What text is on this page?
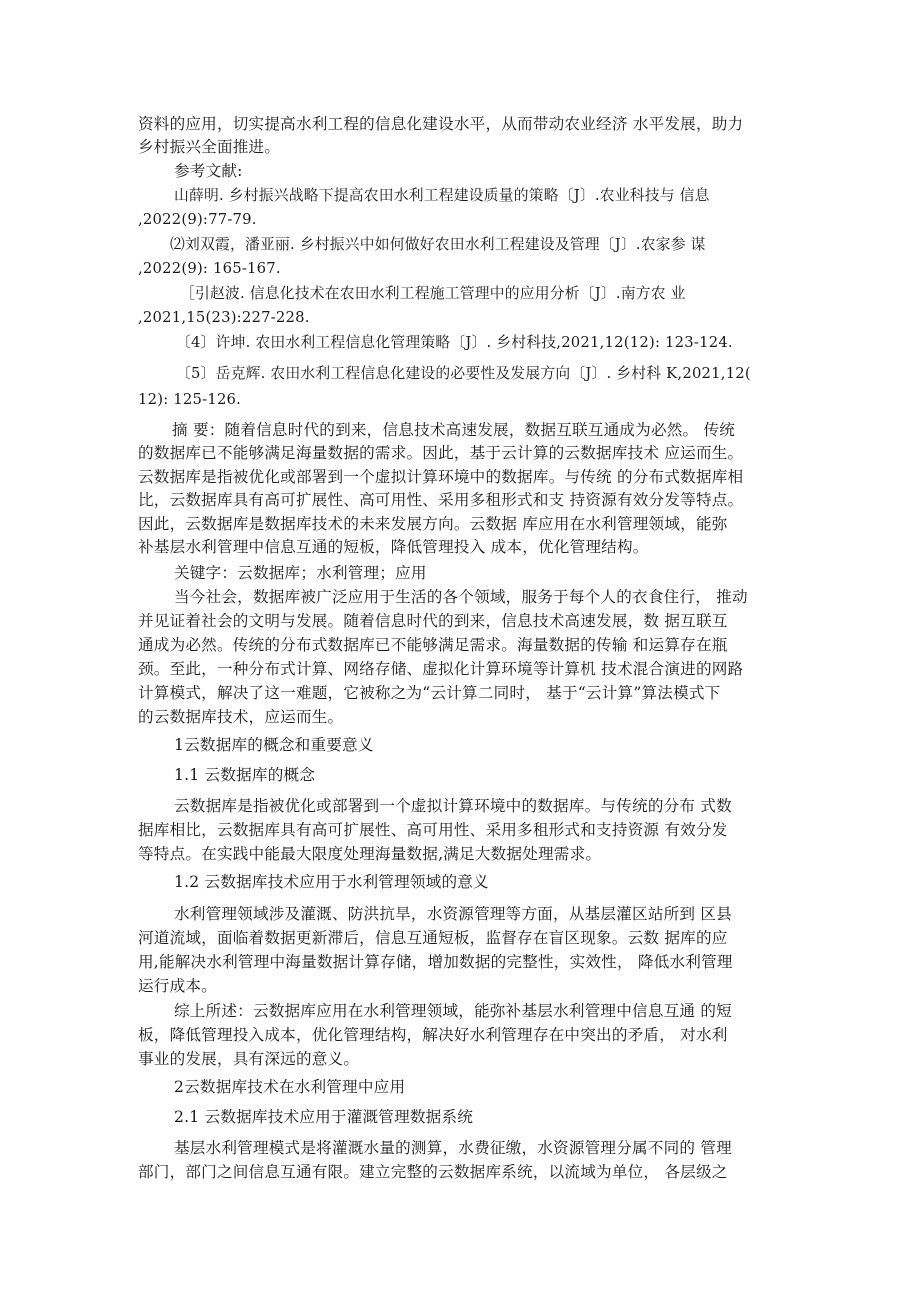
资料的应用，切实提高水利工程的信息化建设水平，从而带动农业经济 水平发展，助力
乡村振兴全面推进。
参考文献:
山薛明. 乡村振兴战略下提高农田水利工程建设质量的策略〔J〕.农业科技与 信息
,2022(9):77-79.
⑵刘双霞，潘亚丽. 乡村振兴中如何做好农田水利工程建设及管理〔J〕.农家参 谋
,2022(9): 165-167.
［引赵波. 信息化技术在农田水利工程施工管理中的应用分析〔J〕.南方农 业
,2021,15(23):227-228.
〔4〕许坤. 农田水利工程信息化管理策略〔J〕. 乡村科技,2021,12(12): 123-124.
〔5〕岳克辉. 农田水利工程信息化建设的必要性及发展方向〔J〕. 乡村科 K,2021,12(
12): 125-126.
摘 要：随着信息时代的到来，信息技术高速发展，数据互联互通成为必然。 传统
的数据库已不能够满足海量数据的需求。因此，基于云计算的云数据库技术 应运而生。
云数据库是指被优化或部署到一个虚拟计算环境中的数据库。与传统 的分布式数据库相
比，云数据库具有高可扩展性、高可用性、采用多租形式和支 持资源有效分发等特点。
因此，云数据库是数据库技术的未来发展方向。云数据 库应用在水利管理领域，能弥
补基层水利管理中信息互通的短板，降低管理投入 成本，优化管理结构。
关键字：云数据库；水利管理；应用
当今社会，数据库被广泛应用于生活的各个领域，服务于每个人的衣食住行， 推动
并见证着社会的文明与发展。随着信息时代的到来，信息技术高速发展，数 据互联互
通成为必然。传统的分布式数据库已不能够满足需求。海量数据的传输 和运算存在瓶
颈。至此，一种分布式计算、网络存储、虚拟化计算环境等计算机 技术混合演进的网路
计算模式，解决了这一难题，它被称之为“云计算二同时， 基于“云计算”算法模式下
的云数据库技术，应运而生。
1云数据库的概念和重要意义
1.1 云数据库的概念
云数据库是指被优化或部署到一个虚拟计算环境中的数据库。与传统的分布 式数
据库相比，云数据库具有高可扩展性、高可用性、采用多租形式和支持资源 有效分发
等特点。在实践中能最大限度处理海量数据,满足大数据处理需求。
1.2 云数据库技术应用于水利管理领域的意义
水利管理领域涉及灌溉、防洪抗旱，水资源管理等方面，从基层灌区站所到 区县
河道流域，面临着数据更新滞后，信息互通短板，监督存在盲区现象。云数 据库的应
用,能解决水利管理中海量数据计算存储，增加数据的完整性，实效性， 降低水利管理
运行成本。
综上所述：云数据库应用在水利管理领域，能弥补基层水利管理中信息互通 的短
板，降低管理投入成本，优化管理结构，解决好水利管理存在中突出的矛盾， 对水利
事业的发展，具有深远的意义。
2云数据库技术在水利管理中应用
2.1 云数据库技术应用于灌溉管理数据系统
基层水利管理模式是将灌溉水量的测算，水费征缴，水资源管理分属不同的 管理
部门，部门之间信息互通有限。建立完整的云数据库系统，以流域为单位， 各层级之
